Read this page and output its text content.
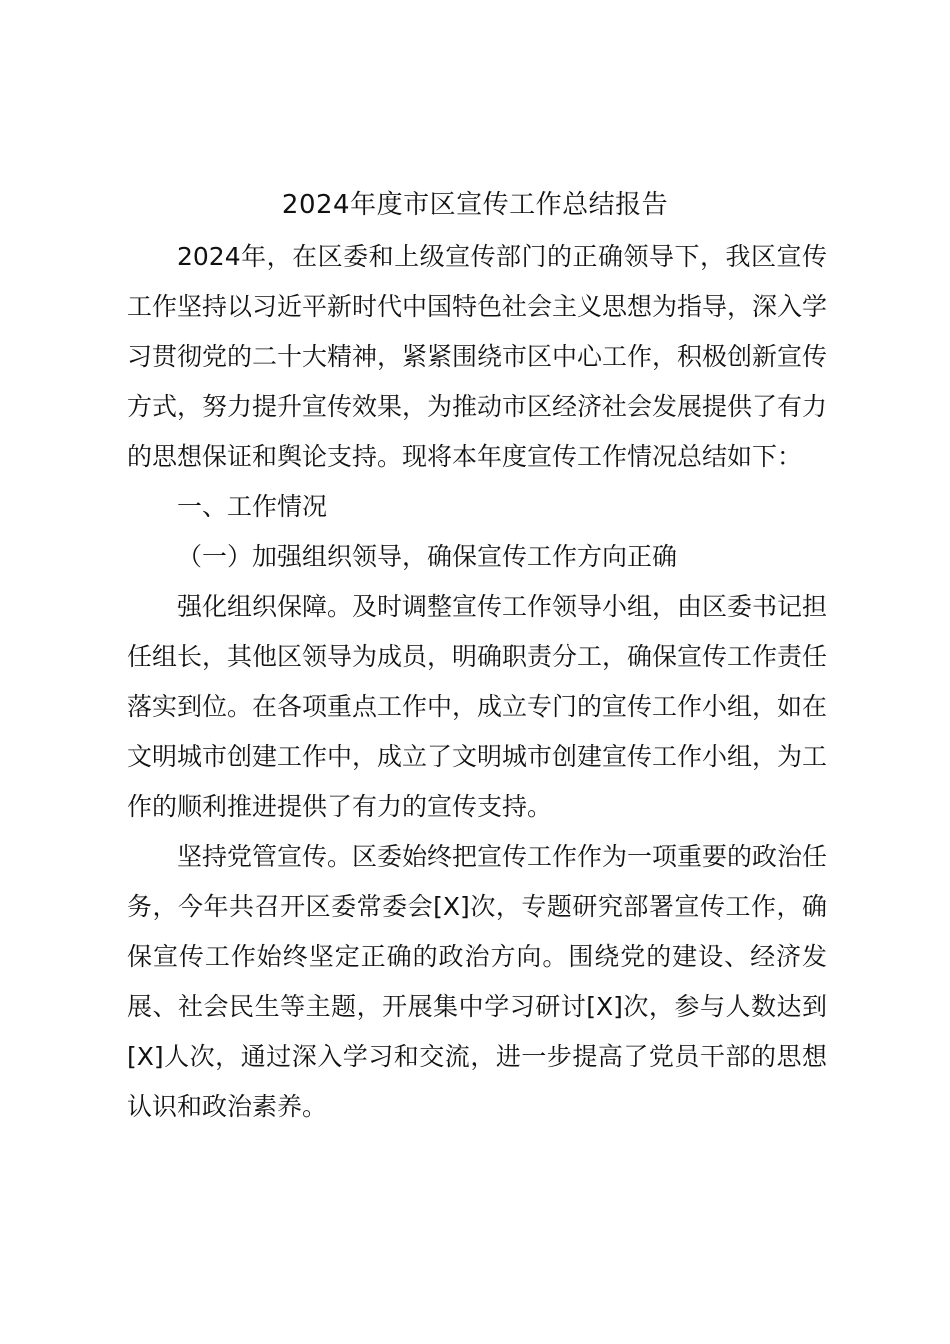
2024年度市区宣传工作总结报告

2024年，在区委和上级宣传部门的正确领导下，我区宣传工作坚持以习近平新时代中国特色社会主义思想为指导，深入学习贯彻党的二十大精神，紧紧围绕市区中心工作，积极创新宣传方式，努力提升宣传效果，为推动市区经济社会发展提供了有力的思想保证和舆论支持。现将本年度宣传工作情况总结如下：

一、工作情况

（一）加强组织领导，确保宣传工作方向正确

强化组织保障。及时调整宣传工作领导小组，由区委书记担任组长，其他区领导为成员，明确职责分工，确保宣传工作责任落实到位。在各项重点工作中，成立专门的宣传工作小组，如在文明城市创建工作中，成立了文明城市创建宣传工作小组，为工作的顺利推进提供了有力的宣传支持。

坚持党管宣传。区委始终把宣传工作作为一项重要的政治任务，今年共召开区委常委会[X]次，专题研究部署宣传工作，确保宣传工作始终坚定正确的政治方向。围绕党的建设、经济发展、社会民生等主题，开展集中学习研讨[X]次，参与人数达到[X]人次，通过深入学习和交流，进一步提高了党员干部的思想认识和政治素养。
